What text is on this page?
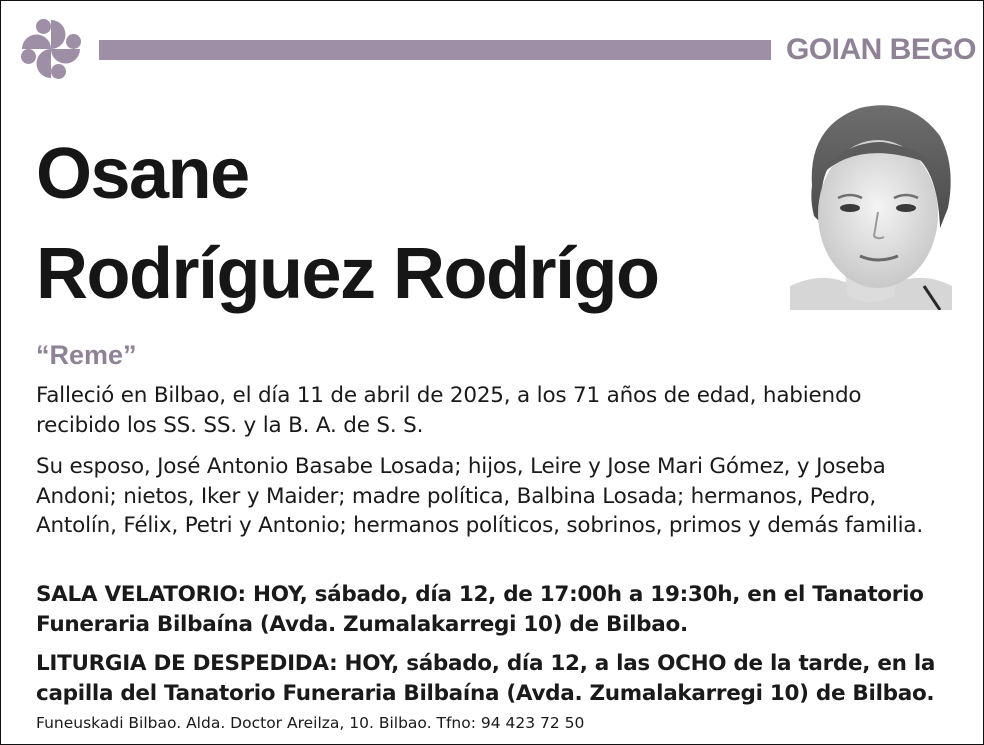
GOIAN BEGO
Osane
Rodríguez Rodrígo
“Reme”
Falleció en Bilbao, el día 11 de abril de 2025, a los 71 años de edad, habiendo recibido los SS. SS. y la B. A. de S. S.
Su esposo, José Antonio Basabe Losada; hijos, Leire y Jose Mari Gómez, y Joseba Andoni; nietos, Iker y Maider; madre política, Balbina Losada; hermanos, Pedro, Antolín, Félix, Petri y Antonio; hermanos políticos, sobrinos, primos y demás familia.
SALA VELATORIO: HOY, sábado, día 12, de 17:00h a 19:30h, en el Tanatorio Funeraria Bilbaína (Avda. Zumalakarregi 10) de Bilbao.
LITURGIA DE DESPEDIDA: HOY, sábado, día 12, a las OCHO de la tarde, en la capilla del Tanatorio Funeraria Bilbaína (Avda. Zumalakarregi 10) de Bilbao.
Funeuskadi Bilbao. Alda. Doctor Areilza, 10. Bilbao. Tfno: 94 423 72 50
